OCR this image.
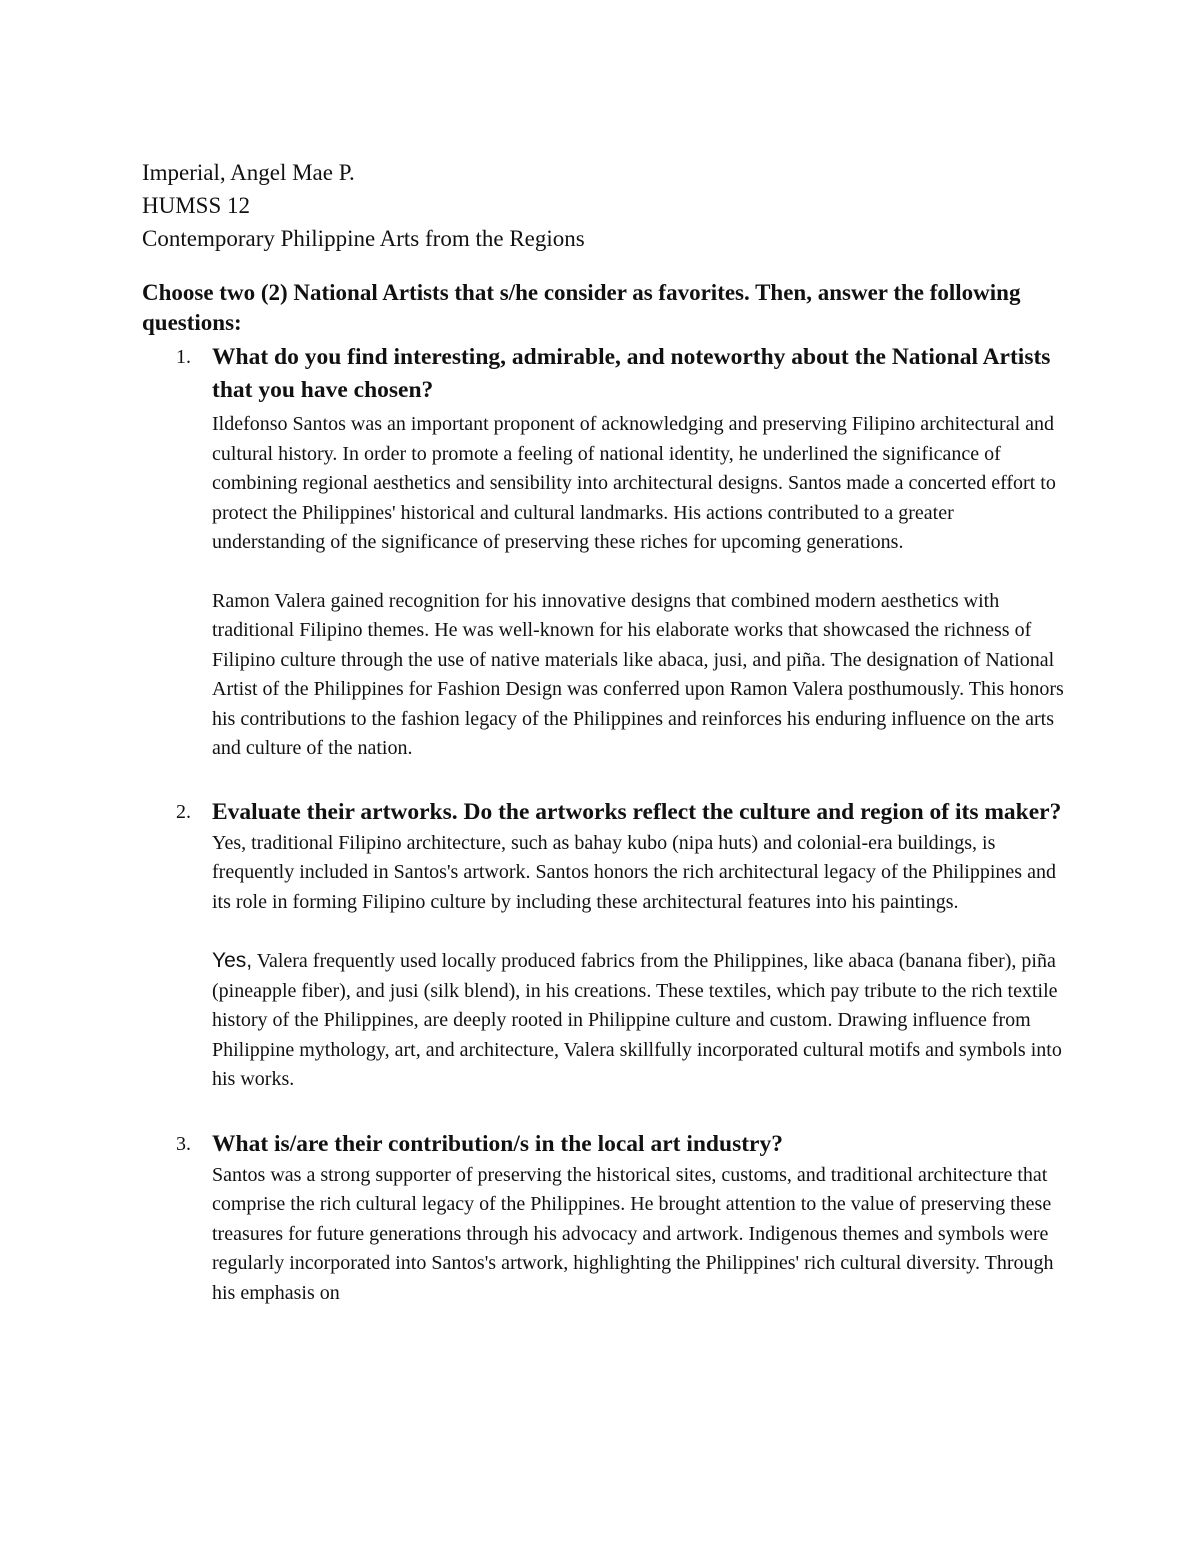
Imperial, Angel Mae P.

HUMSS 12

Contemporary Philippine Arts from the Regions

Choose two (2) National Artists that s/he consider as favorites. Then, answer the following questions:

1. What do you find interesting, admirable, and noteworthy about the National Artists that you have chosen?

Ildefonso Santos was an important proponent of acknowledging and preserving Filipino architectural and cultural history. In order to promote a feeling of national identity, he underlined the significance of combining regional aesthetics and sensibility into architectural designs. Santos made a concerted effort to protect the Philippines' historical and cultural landmarks. His actions contributed to a greater understanding of the significance of preserving these riches for upcoming generations.

Ramon Valera gained recognition for his innovative designs that combined modern aesthetics with traditional Filipino themes. He was well-known for his elaborate works that showcased the richness of Filipino culture through the use of native materials like abaca, jusi, and piña. The designation of National Artist of the Philippines for Fashion Design was conferred upon Ramon Valera posthumously. This honors his contributions to the fashion legacy of the Philippines and reinforces his enduring influence on the arts and culture of the nation.

2. Evaluate their artworks. Do the artworks reflect the culture and region of its maker?

Yes, traditional Filipino architecture, such as bahay kubo (nipa huts) and colonial-era buildings, is frequently included in Santos's artwork. Santos honors the rich architectural legacy of the Philippines and its role in forming Filipino culture by including these architectural features into his paintings.

Yes, Valera frequently used locally produced fabrics from the Philippines, like abaca (banana fiber), piña (pineapple fiber), and jusi (silk blend), in his creations. These textiles, which pay tribute to the rich textile history of the Philippines, are deeply rooted in Philippine culture and custom. Drawing influence from Philippine mythology, art, and architecture, Valera skillfully incorporated cultural motifs and symbols into his works.

3. What is/are their contribution/s in the local art industry?

Santos was a strong supporter of preserving the historical sites, customs, and traditional architecture that comprise the rich cultural legacy of the Philippines. He brought attention to the value of preserving these treasures for future generations through his advocacy and artwork. Indigenous themes and symbols were regularly incorporated into Santos's artwork, highlighting the Philippines' rich cultural diversity. Through his emphasis on
